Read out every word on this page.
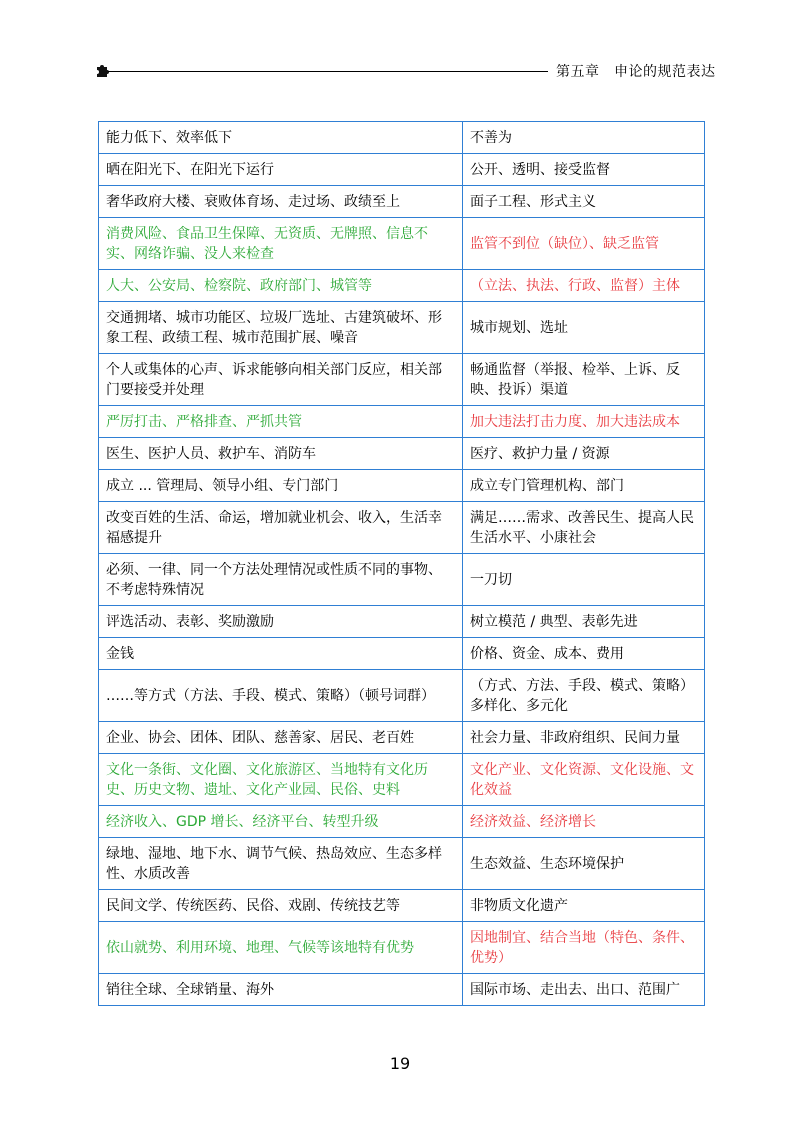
第五章　申论的规范表达
能力低下、效率低下	不善为
晒在阳光下、在阳光下运行	公开、透明、接受监督
奢华政府大楼、衰败体育场、走过场、政绩至上	面子工程、形式主义
消费风险、食品卫生保障、无资质、无牌照、信息不实、网络诈骗、没人来检查	监管不到位（缺位）、缺乏监管
人大、公安局、检察院、政府部门、城管等	（立法、执法、行政、监督）主体
交通拥堵、城市功能区、垃圾厂选址、古建筑破坏、形象工程、政绩工程、城市范围扩展、噪音	城市规划、选址
个人或集体的心声、诉求能够向相关部门反应，相关部门要接受并处理	畅通监督（举报、检举、上诉、反映、投诉）渠道
严厉打击、严格排查、严抓共管	加大违法打击力度、加大违法成本
医生、医护人员、救护车、消防车	医疗、救护力量 / 资源
成立 ... 管理局、领导小组、专门部门	成立专门管理机构、部门
改变百姓的生活、命运，增加就业机会、收入，生活幸福感提升	满足……需求、改善民生、提高人民生活水平、小康社会
必须、一律、同一个方法处理情况或性质不同的事物、不考虑特殊情况	一刀切
评选活动、表彰、奖励激励	树立模范 / 典型、表彰先进
金钱	价格、资金、成本、费用
……等方式（方法、手段、模式、策略）（顿号词群）	（方式、方法、手段、模式、策略）多样化、多元化
企业、协会、团体、团队、慈善家、居民、老百姓	社会力量、非政府组织、民间力量
文化一条街、文化圈、文化旅游区、当地特有文化历史、历史文物、遗址、文化产业园、民俗、史料	文化产业、文化资源、文化设施、文化效益
经济收入、GDP 增长、经济平台、转型升级	经济效益、经济增长
绿地、湿地、地下水、调节气候、热岛效应、生态多样性、水质改善	生态效益、生态环境保护
民间文学、传统医药、民俗、戏剧、传统技艺等	非物质文化遗产
依山就势、利用环境、地理、气候等该地特有优势	因地制宜、结合当地（特色、条件、优势）
销往全球、全球销量、海外	国际市场、走出去、出口、范围广
19
